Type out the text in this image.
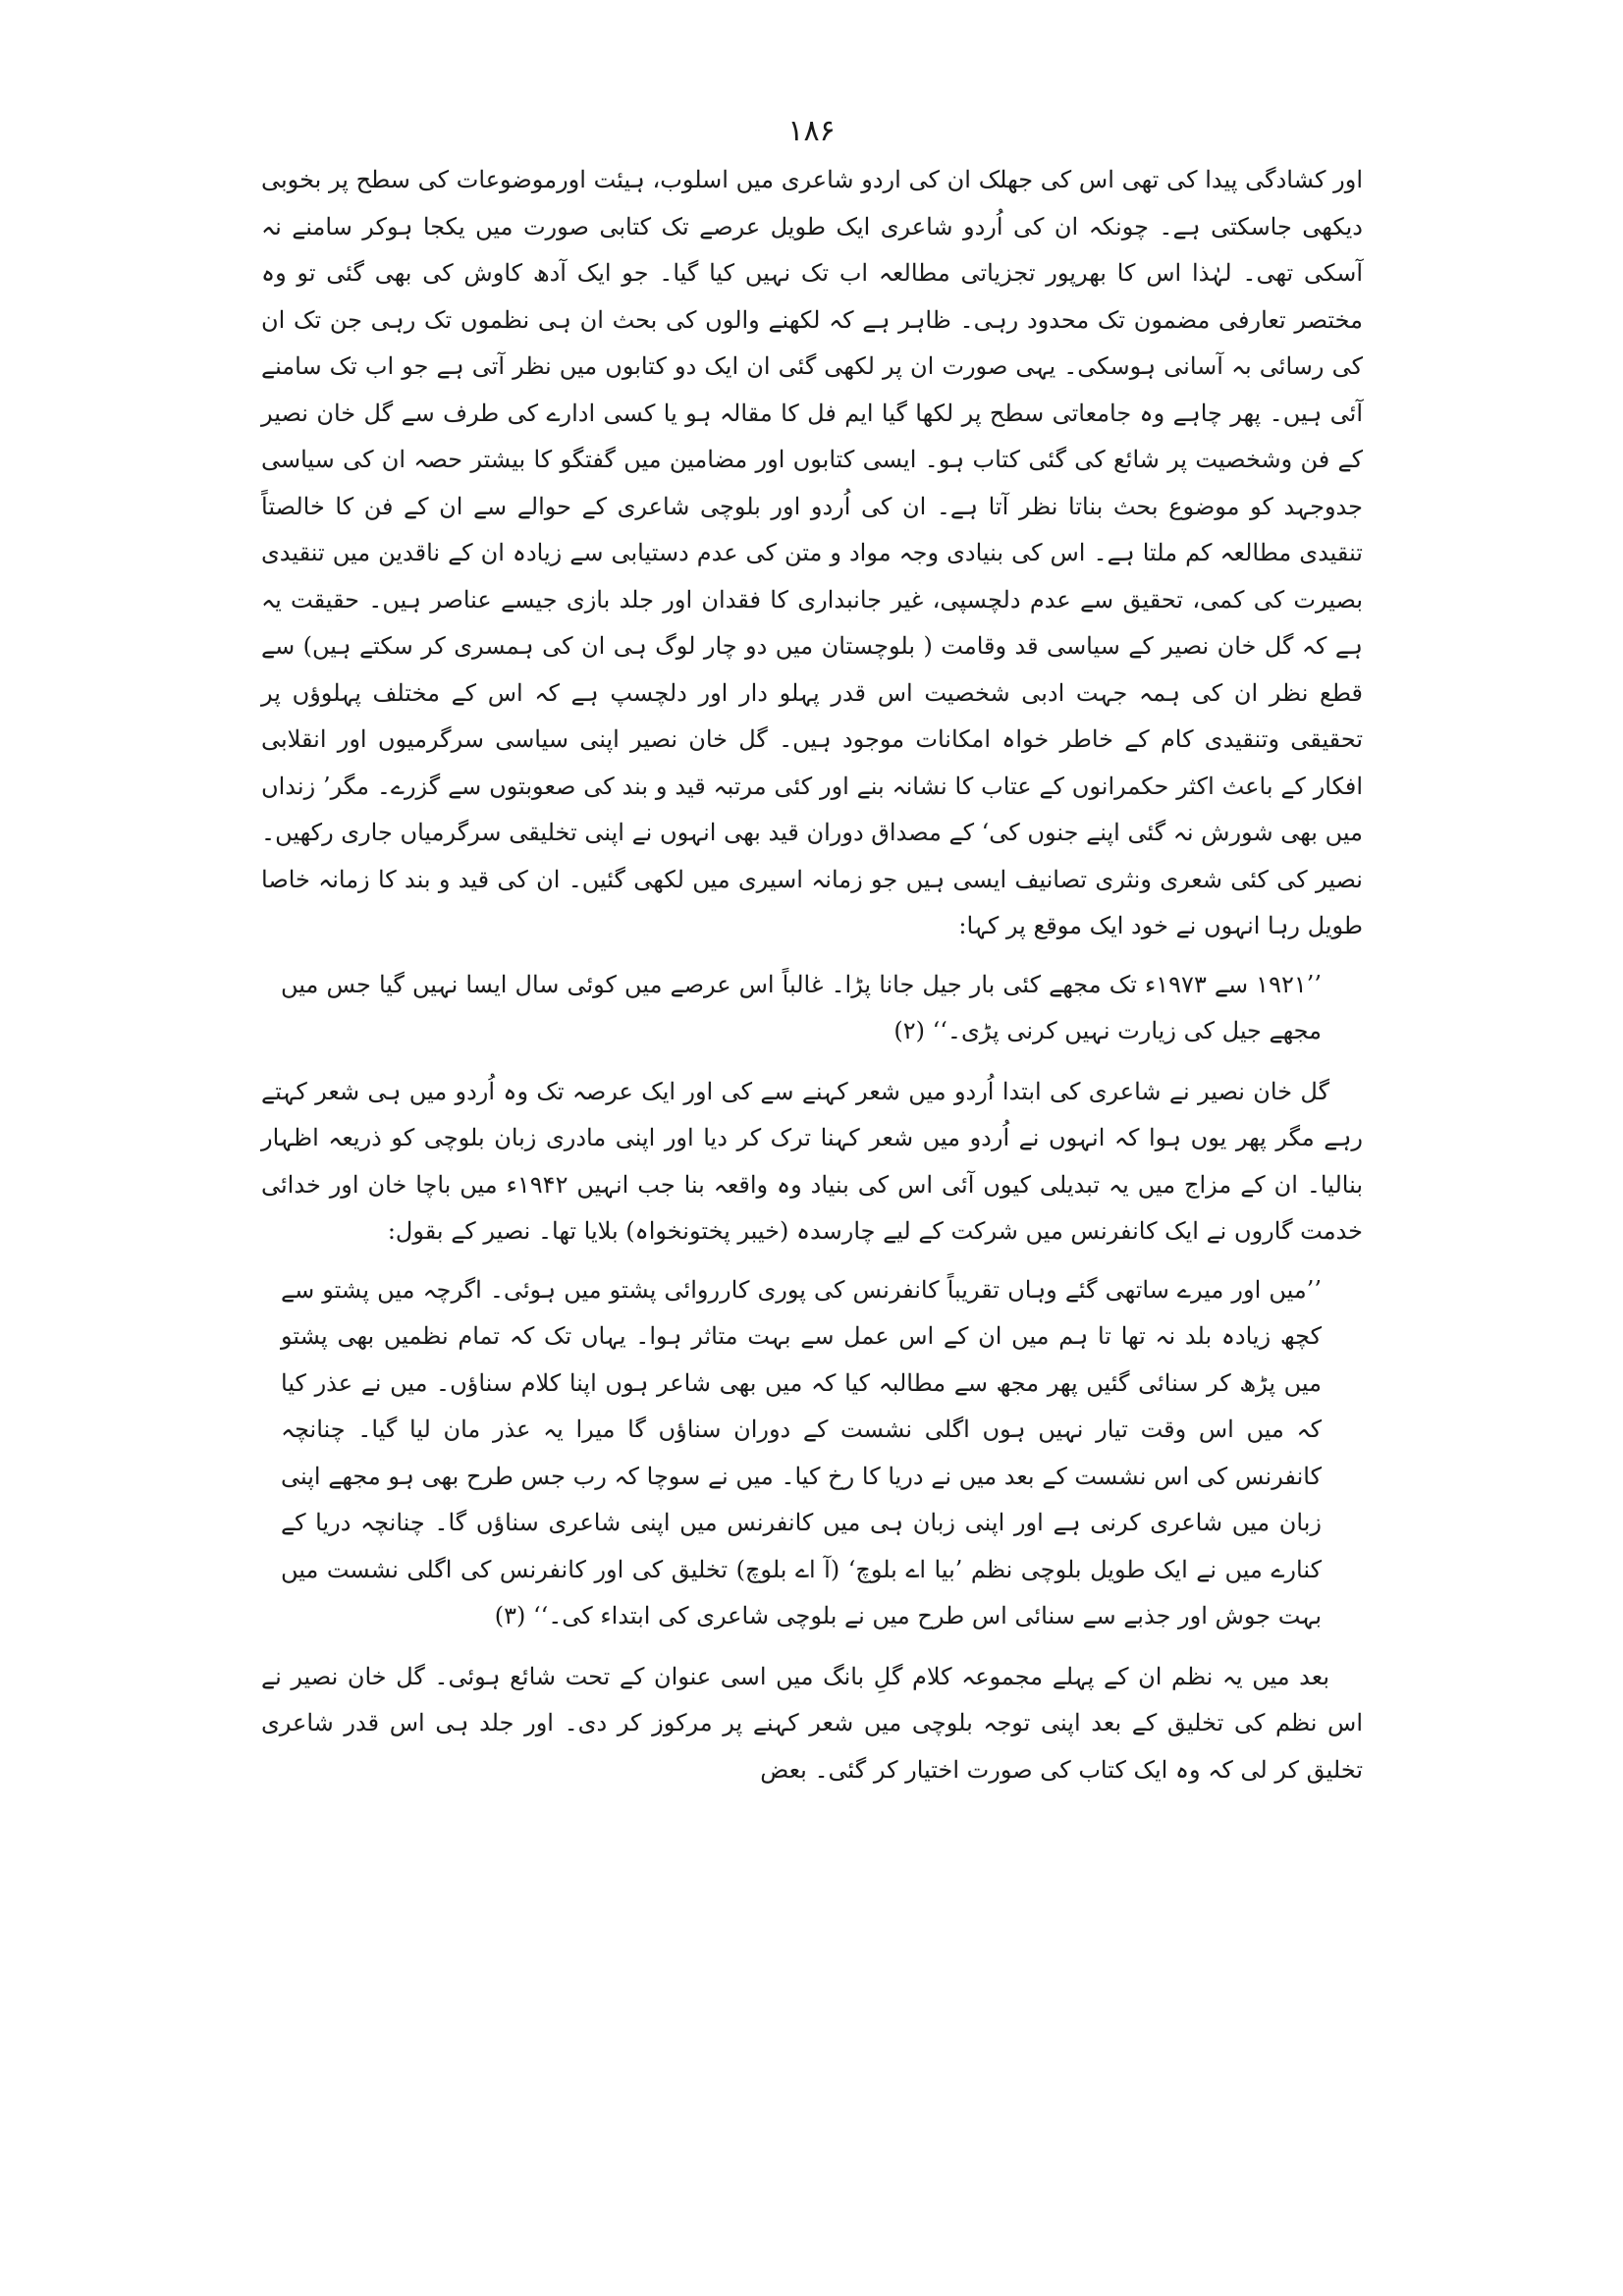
۱۸۶

اور کشادگی پیدا کی تھی اس کی جھلک ان کی اردو شاعری میں اسلوب، ہیئت اورموضوعات کی سطح پر بخوبی دیکھی جاسکتی ہے۔ چونکہ ان کی اُردو شاعری ایک طویل عرصے تک کتابی صورت میں یکجا ہوکر سامنے نہ آسکی تھی۔ لہٰذا اس کا بھرپور تجزیاتی مطالعہ اب تک نہیں کیا گیا۔ جو ایک آدھ کاوش کی بھی گئی تو وہ مختصر تعارفی مضمون تک محدود رہی۔ ظاہر ہے کہ لکھنے والوں کی بحث ان ہی نظموں تک رہی جن تک ان کی رسائی بہ آسانی ہوسکی۔ یہی صورت ان پر لکھی گئی ان ایک دو کتابوں میں نظر آتی ہے جو اب تک سامنے آئی ہیں۔ پھر چاہے وہ جامعاتی سطح پر لکھا گیا ایم فل کا مقالہ ہو یا کسی ادارے کی طرف سے گل خان نصیر کے فن وشخصیت پر شائع کی گئی کتاب ہو۔ ایسی کتابوں اور مضامین میں گفتگو کا بیشتر حصہ ان کی سیاسی جدوجہد کو موضوع بحث بناتا نظر آتا ہے۔ ان کی اُردو اور بلوچی شاعری کے حوالے سے ان کے فن کا خالصتاً تنقیدی مطالعہ کم ملتا ہے۔ اس کی بنیادی وجہ مواد و متن کی عدم دستیابی سے زیادہ ان کے ناقدین میں تنقیدی بصیرت کی کمی، تحقیق سے عدم دلچسپی، غیر جانبداری کا فقدان اور جلد بازی جیسے عناصر ہیں۔ حقیقت یہ ہے کہ گل خان نصیر کے سیاسی قد وقامت ( بلوچستان میں دو چار لوگ ہی ان کی ہمسری کر سکتے ہیں) سے قطع نظر ان کی ہمہ جہت ادبی شخصیت اس قدر پہلو دار اور دلچسپ ہے کہ اس کے مختلف پہلوؤں پر تحقیقی وتنقیدی کام کے خاطر خواہ امکانات موجود ہیں۔ گل خان نصیر اپنی سیاسی سرگرمیوں اور انقلابی افکار کے باعث اکثر حکمرانوں کے عتاب کا نشانہ بنے اور کئی مرتبہ قید و بند کی صعوبتوں سے گزرے۔ مگر’ زنداں میں بھی شورش نہ گئی اپنے جنوں کی‘ کے مصداق دوران قید بھی انہوں نے اپنی تخلیقی سرگرمیاں جاری رکھیں۔ نصیر کی کئی شعری ونثری تصانیف ایسی ہیں جو زمانہ اسیری میں لکھی گئیں۔ ان کی قید و بند کا زمانہ خاصا طویل رہا انہوں نے خود ایک موقع پر کہا:

’’۱۹۲۱ سے ۱۹۷۳ء تک مجھے کئی بار جیل جانا پڑا۔ غالباً اس عرصے میں کوئی سال ایسا نہیں گیا جس میں مجھے جیل کی زیارت نہیں کرنی پڑی۔‘‘ (۲)

گل خان نصیر نے شاعری کی ابتدا اُردو میں شعر کہنے سے کی اور ایک عرصہ تک وہ اُردو میں ہی شعر کہتے رہے مگر پھر یوں ہوا کہ انہوں نے اُردو میں شعر کہنا ترک کر دیا اور اپنی مادری زبان بلوچی کو ذریعہ اظہار بنالیا۔ ان کے مزاج میں یہ تبدیلی کیوں آئی اس کی بنیاد وہ واقعہ بنا جب انہیں ۱۹۴۲ء میں باچا خان اور خدائی خدمت گاروں نے ایک کانفرنس میں شرکت کے لیے چارسدہ (خیبر پختونخواہ) بلایا تھا۔ نصیر کے بقول:

’’میں اور میرے ساتھی گئے وہاں تقریباً کانفرنس کی پوری کارروائی پشتو میں ہوئی۔ اگرچہ میں پشتو سے کچھ زیادہ بلد نہ تھا تا ہم میں ان کے اس عمل سے بہت متاثر ہوا۔ یہاں تک کہ تمام نظمیں بھی پشتو میں پڑھ کر سنائی گئیں پھر مجھ سے مطالبہ کیا کہ میں بھی شاعر ہوں اپنا کلام سناؤں۔ میں نے عذر کیا کہ میں اس وقت تیار نہیں ہوں اگلی نشست کے دوران سناؤں گا میرا یہ عذر مان لیا گیا۔ چنانچہ کانفرنس کی اس نشست کے بعد میں نے دریا کا رخ کیا۔ میں نے سوچا کہ رب جس طرح بھی ہو مجھے اپنی زبان میں شاعری کرنی ہے اور اپنی زبان ہی میں کانفرنس میں اپنی شاعری سناؤں گا۔ چنانچہ دریا کے کنارے میں نے ایک طویل بلوچی نظم ’بیا اے بلوچ‘ (آ اے بلوچ) تخلیق کی اور کانفرنس کی اگلی نشست میں بہت جوش اور جذبے سے سنائی اس طرح میں نے بلوچی شاعری کی ابتداء کی۔‘‘ (۳)

بعد میں یہ نظم ان کے پہلے مجموعہ کلام گلِ بانگ میں اسی عنوان کے تحت شائع ہوئی۔ گل خان نصیر نے اس نظم کی تخلیق کے بعد اپنی توجہ بلوچی میں شعر کہنے پر مرکوز کر دی۔ اور جلد ہی اس قدر شاعری تخلیق کر لی کہ وہ ایک کتاب کی صورت اختیار کر گئی۔ بعض
